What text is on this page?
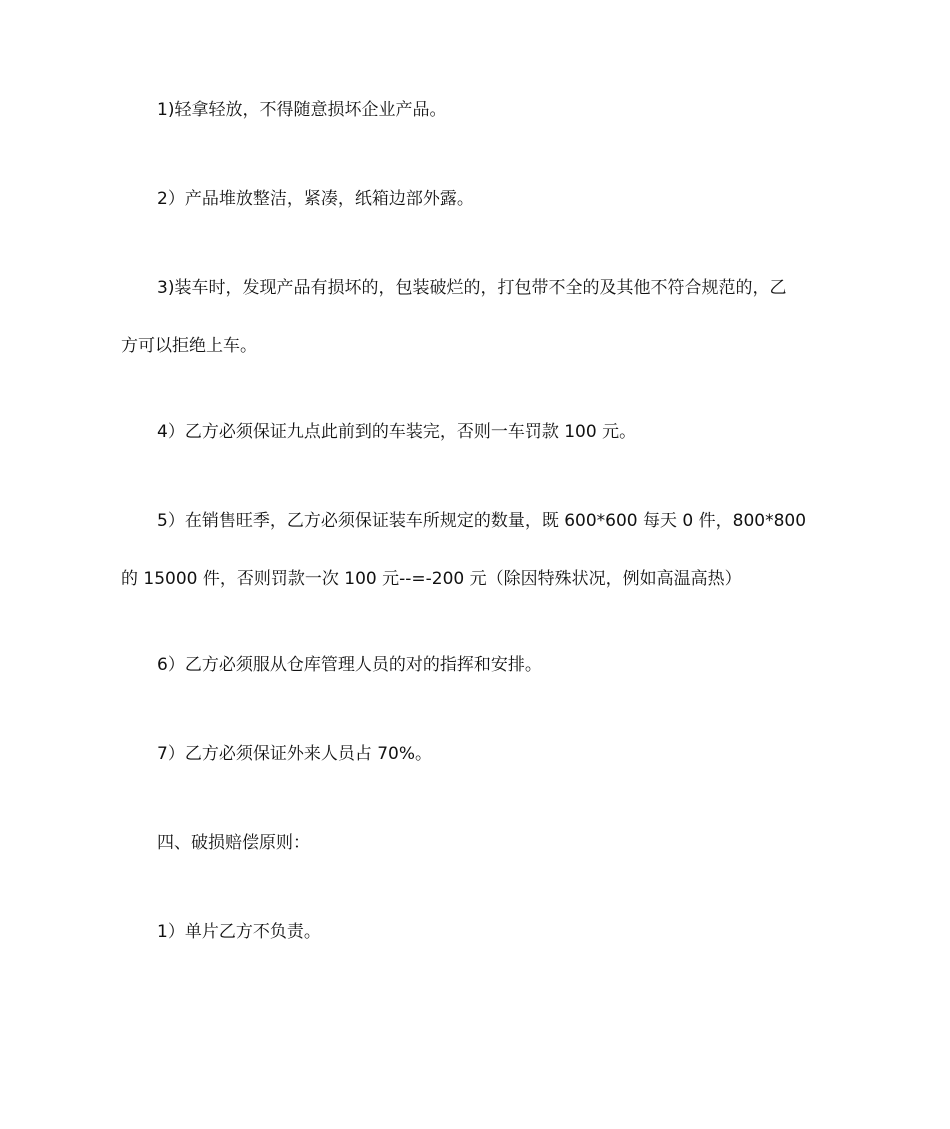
1)轻拿轻放，不得随意损坏企业产品。

2）产品堆放整洁，紧凑，纸箱边部外露。

3)装车时，发现产品有损坏的，包装破烂的，打包带不全的及其他不符合规范的，乙
方可以拒绝上车。

4）乙方必须保证九点此前到的车装完，否则一车罚款 100 元。

5）在销售旺季，乙方必须保证装车所规定的数量，既 600*600 每天 0 件，800*800
的 15000 件，否则罚款一次 100 元--=-200 元（除因特殊状况，例如高温高热）

6）乙方必须服从仓库管理人员的对的指挥和安排。

7）乙方必须保证外来人员占 70%。

四、破损赔偿原则：

1）单片乙方不负责。
